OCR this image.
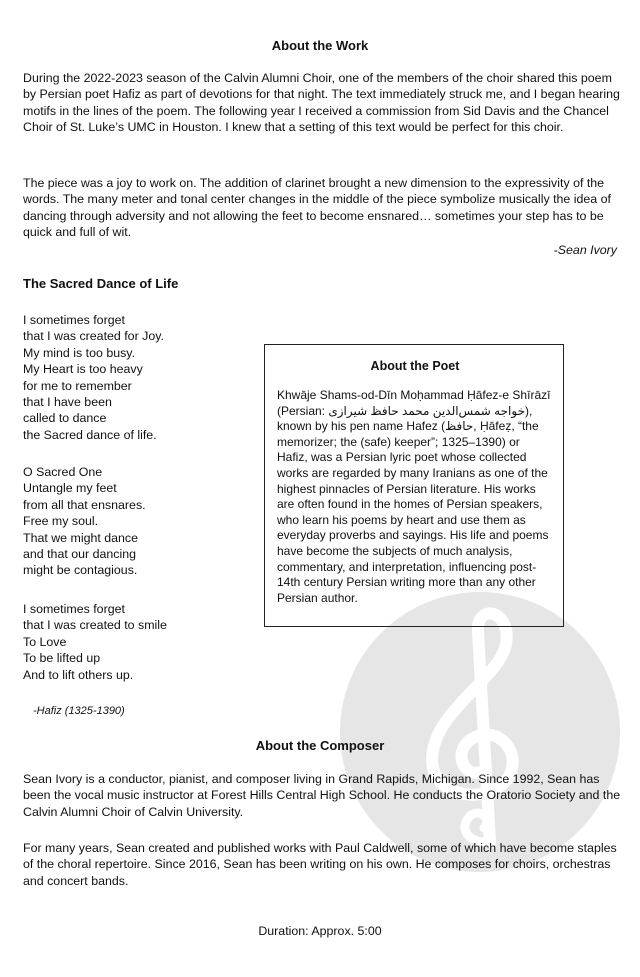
About the Work

During the 2022-2023 season of the Calvin Alumni Choir, one of the members of the choir shared this poem by Persian poet Hafiz as part of devotions for that night. The text immediately struck me, and I began hearing motifs in the lines of the poem. The following year I received a commission from Sid Davis and the Chancel Choir of St. Luke’s UMC in Houston. I knew that a setting of this text would be perfect for this choir.

The piece was a joy to work on. The addition of clarinet brought a new dimension to the expressivity of the words. The many meter and tonal center changes in the middle of the piece symbolize musically the idea of dancing through adversity and not allowing the feet to become ensnared… sometimes your step has to be quick and full of wit.

-Sean Ivory
The Sacred Dance of Life
I sometimes forget
that I was created for Joy.
My mind is too busy.
My Heart is too heavy
for me to remember
that I have been
called to dance
the Sacred dance of life.
O Sacred One
Untangle my feet
from all that ensnares.
Free my soul.
That we might dance
and that our dancing
might be contagious.
I sometimes forget
that I was created to smile
To Love
To be lifted up
And to lift others up.
-Hafiz (1325-1390)
About the Poet

Khwāje Shams-od-Dīn Moḥammad Ḥāfez-e Shīrāzī (Persian: خواجه شمس‌الدین محمد حافظ شیرازی), known by his pen name Hafez (حافظ, Ḥāfeẓ, “the memorizer; the (safe) keeper”; 1325–1390) or Hafiz, was a Persian lyric poet whose collected works are regarded by many Iranians as one of the highest pinnacles of Persian literature. His works are often found in the homes of Persian speakers, who learn his poems by heart and use them as everyday proverbs and sayings. His life and poems have become the subjects of much analysis, commentary, and interpretation, influencing post-14th century Persian writing more than any other Persian author.

About the Composer

Sean Ivory is a conductor, pianist, and composer living in Grand Rapids, Michigan. Since 1992, Sean has been the vocal music instructor at Forest Hills Central High School. He conducts the Oratorio Society and the Calvin Alumni Choir of Calvin University.

For many years, Sean created and published works with Paul Caldwell, some of which have become staples of the choral repertoire. Since 2016, Sean has been writing on his own. He composes for choirs, orchestras and concert bands.

Duration: Approx. 5:00
